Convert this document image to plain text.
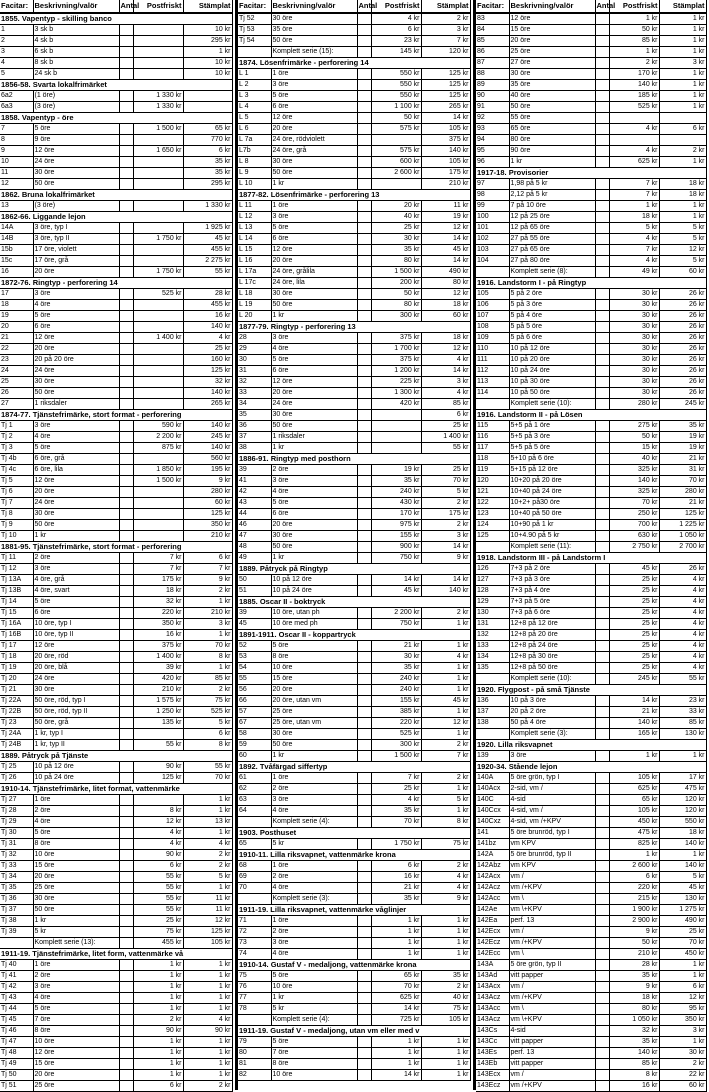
Facitar:	Beskrivning/valör	Antal	Postfriskt	Stämplat
1855. Vapentyp - skilling banco				
1	3 sk b			10 kr
2	4 sk b			295 kr
3	6 sk b			1 kr
4	8 sk b			10 kr
5	24 sk b			10 kr
1856-58. Svarta lokalfrimärket				
6a2	(1 öre)		1 330 kr	
6a3	(3 öre)		1 330 kr	
1858. Vapentyp - öre				
7	5 öre		1 500 kr	65 kr
8	9 öre			770 kr
9	12 öre		1 650 kr	6 kr
10	24 öre			35 kr
11	30 öre			35 kr
12	50 öre			295 kr
1862. Bruna lokalfrimärket				
13	(3 öre)			1 330 kr
1862-66. Liggande lejon				
14A	3 öre, typ I			1 925 kr
14B	3 öre, typ II		1 750 kr	45 kr
15b	17 öre, violett			455 kr
15c	17 öre, grå			2 275 kr
16	20 öre		1 750 kr	55 kr
1872-76. Ringtyp - perforering 14				
17	3 öre		525 kr	28 kr
18	4 öre			455 kr
19	5 öre			16 kr
20	6 öre			140 kr
21	12 öre		1 400 kr	4 kr
22	20 öre			25 kr
23	20 på 20 öre			160 kr
24	24 öre			125 kr
25	30 öre			32 kr
26	50 öre			140 kr
27	1 riksdaler			265 kr
1874-77. Tjänstefrimärke, stort format - perforering				
Tj 1	3 öre		590 kr	140 kr
Tj 2	4 öre		2 200 kr	245 kr
Tj 3	5 öre		875 kr	140 kr
Tj 4b	6 öre, grå			560 kr
Tj 4c	6 öre, lila		1 850 kr	195 kr
Tj 5	12 öre		1 500 kr	9 kr
Tj 6	20 öre			280 kr
Tj 7	24 öre			60 kr
Tj 8	30 öre			125 kr
Tj 9	50 öre			350 kr
Tj 10	1 kr			210 kr
1881-95. Tjänstefrimärke, stort format - perforering				
Tj 11	2 öre		7 kr	6 kr
Tj 12	3 öre		7 kr	7 kr
Tj 13A	4 öre, grå		175 kr	9 kr
Tj 13B	4 öre, svart		18 kr	2 kr
Tj 14	5 öre		32 kr	1 kr
Tj 15	6 öre		220 kr	210 kr
Tj 16A	10 öre, typ I		350 kr	3 kr
Tj 16B	10 öre, typ II		16 kr	1 kr
Tj 17	12 öre		375 kr	70 kr
Tj 18	20 öre, röd		1 400 kr	8 kr
Tj 19	20 öre, blå		39 kr	1 kr
Tj 20	24 öre		420 kr	85 kr
Tj 21	30 öre		210 kr	2 kr
Tj 22A	50 öre, röd, typ I		1 575 kr	75 kr
Tj 22B	50 öre, röd, typ II		1 250 kr	525 kr
Tj 23	50 öre, grå		135 kr	5 kr
Tj 24A	1 kr, typ I			6 kr
Tj 24B	1 kr, typ II		55 kr	8 kr
1889. Påtryck på Tjänste				
Tj 25	10 på 12 öre		90 kr	55 kr
Tj 26	10 på 24 öre		125 kr	70 kr
1910-14. Tjänstefrimärke, litet format, vattenmärke				
Tj 27	1 öre			1 kr
Tj 28	2 öre		8 kr	1 kr
Tj 29	4 öre		12 kr	13 kr
Tj 30	5 öre		4 kr	1 kr
Tj 31	8 öre		4 kr	4 kr
Tj 32	10 öre		90 kr	2 kr
Tj 33	15 öre		6 kr	2 kr
Tj 34	20 öre		55 kr	5 kr
Tj 35	25 öre		55 kr	1 kr
Tj 36	30 öre		55 kr	11 kr
Tj 37	50 öre		55 kr	11 kr
Tj 38	1 kr		25 kr	12 kr
Tj 39	5 kr		75 kr	125 kr
	Komplett serie (13):		455 kr	105 kr
1911-19. Tjänstefrimärke, litet form, vattenmärke vå				
Tj 40	1 öre		1 kr	1 kr
Tj 41	2 öre		1 kr	1 kr
Tj 42	3 öre		1 kr	1 kr
Tj 43	4 öre		1 kr	1 kr
Tj 44	5 öre		1 kr	1 kr
Tj 45	7 öre		2 kr	4 kr
Tj 46	8 öre		90 kr	90 kr
Tj 47	10 öre		1 kr	1 kr
Tj 48	12 öre		1 kr	1 kr
Tj 49	15 öre		1 kr	1 kr
Tj 50	20 öre		1 kr	1 kr
Tj 51	25 öre		6 kr	2 kr
Facitar:	Beskrivning/valör	Antal	Postfriskt	Stämplat
Tj 52	30 öre		4 kr	2 kr
Tj 53	35 öre		6 kr	3 kr
Tj 54	50 öre		23 kr	7 kr
	Komplett serie (15):		145 kr	120 kr
1874. Lösenfrimärke - perforering 14				
L 1	1 öre		550 kr	125 kr
L 2	3 öre		550 kr	125 kr
L 3	5 öre		550 kr	125 kr
L 4	6 öre		1 100 kr	265 kr
L 5	12 öre		50 kr	14 kr
L 6	20 öre		575 kr	105 kr
L 7a	24 öre, rödviolett			375 kr
L7b	24 öre, grå		575 kr	140 kr
L 8	30 öre		600 kr	105 kr
L 9	50 öre		2 600 kr	175 kr
L 10	1 kr			210 kr
1877-82. Lösenfrimärke - perforering 13				
L 11	1 öre		20 kr	11 kr
L 12	3 öre		40 kr	19 kr
L 13	5 öre		25 kr	12 kr
L 14	6 öre		30 kr	14 kr
L 15	12 öre		35 kr	45 kr
L 16	20 öre		80 kr	14 kr
L 17a	24 öre, grålila		1 500 kr	490 kr
L 17c	24 öre, lila		200 kr	80 kr
L 18	30 öre		50 kr	12 kr
L 19	50 öre		80 kr	18 kr
L 20	1 kr		300 kr	60 kr
1877-79. Ringtyp - perforering 13				
28	3 öre		375 kr	18 kr
29	4 öre		1 700 kr	12 kr
30	5 öre		375 kr	4 kr
31	6 öre		1 200 kr	14 kr
32	12 öre		225 kr	3 kr
33	20 öre		1 300 kr	4 kr
34	24 öre		420 kr	85 kr
35	30 öre			6 kr
36	50 öre			25 kr
37	1 riksdaler			1 400 kr
38	1 kr			55 kr
1886-91. Ringtyp med posthorn				
39	2 öre		19 kr	25 kr
41	3 öre		35 kr	70 kr
42	4 öre		240 kr	5 kr
43	5 öre		430 kr	2 kr
44	6 öre		170 kr	175 kr
46	20 öre		975 kr	2 kr
47	30 öre		155 kr	3 kr
48	50 öre		900 kr	14 kr
49	1 kr		750 kr	9 kr
1889. Påtryck på Ringtyp				
50	10 på 12 öre		14 kr	14 kr
51	10 på 24 öre		45 kr	140 kr
1885. Oscar II - boktryck				
39	10 öre, utan ph		2 200 kr	2 kr
45	10 öre med ph		750 kr	1 kr
1891-1911. Oscar II - koppartryck				
52	5 öre		21 kr	1 kr
53	8 öre		30 kr	4 kr
54	10 öre		35 kr	1 kr
55	15 öre		240 kr	1 kr
56	20 öre		240 kr	1 kr
66	20 öre, utan vm		155 kr	45 kr
57	25 öre		385 kr	1 kr
67	25 öre, utan vm		220 kr	12 kr
58	30 öre		525 kr	1 kr
59	50 öre		300 kr	2 kr
60	1 kr		1 500 kr	7 kr
1892. Tvåfärgad siffertyp				
61	1 öre		7 kr	2 kr
62	2 öre		25 kr	1 kr
63	3 öre		4 kr	5 kr
64	4 öre		35 kr	1 kr
	Komplett serie (4):		70 kr	8 kr
1903. Posthuset				
65	5 kr		1 750 kr	75 kr
1910-11. Lilla riksvapnet, vattenmärke krona				
68	1 öre		6 kr	2 kr
69	2 öre		16 kr	4 kr
70	4 öre		21 kr	4 kr
	Komplett serie (3):		35 kr	9 kr
1911-19. Lilla riksvapnet, vattenmärke våglinjer				
71	1 öre		1 kr	1 kr
72	2 öre		1 kr	1 kr
73	3 öre		1 kr	1 kr
74	4 öre		1 kr	1 kr
1910-14. Gustaf V - medaljong, vattenmärke krona				
75	5 öre		65 kr	35 kr
76	10 öre		70 kr	2 kr
77	1 kr		625 kr	40 kr
78	5 kr		14 kr	75 kr
	Komplett serie (4):		725 kr	105 kr
1911-19. Gustaf V - medaljong, utan vm eller med v				
79	5 öre		1 kr	1 kr
80	7 öre		1 kr	1 kr
81	8 öre		1 kr	1 kr
82	10 öre		14 kr	1 kr
Facitar:	Beskrivning/valör	Antal	Postfriskt	Stämplat
83	12 öre		1 kr	1 kr
84	15 öre		50 kr	1 kr
85	20 öre		85 kr	1 kr
86	25 öre		1 kr	1 kr
87	27 öre		2 kr	3 kr
88	30 öre		170 kr	1 kr
89	35 öre		140 kr	1 kr
90	40 öre		185 kr	1 kr
91	50 öre		525 kr	1 kr
92	55 öre			
93	65 öre		4 kr	6 kr
94	80 öre			
95	90 öre		4 kr	2 kr
96	1 kr		625 kr	1 kr
1917-18. Provisorier				
97	1,98 på 5 kr		7 kr	18 kr
98	2,12 på 5 kr		7 kr	18 kr
99	7 på 10 öre		1 kr	1 kr
100	12 på 25 öre		18 kr	1 kr
101	12 på 65 öre		5 kr	5 kr
102	27 på 55 öre		4 kr	5 kr
103	27 på 65 öre		7 kr	12 kr
104	27 på 80 öre		4 kr	5 kr
	Komplett serie (8):		49 kr	60 kr
1916. Landstorm I - på Ringtyp				
105	5 på 2 öre		30 kr	26 kr
106	5 på 3 öre		30 kr	26 kr
107	5 på 4 öre		30 kr	26 kr
108	5 på 5 öre		30 kr	26 kr
109	5 på 6 öre		30 kr	26 kr
110	10 på 12 öre		30 kr	26 kr
111	10 på 20 öre		30 kr	26 kr
112	10 på 24 öre		30 kr	26 kr
113	10 på 30 öre		30 kr	26 kr
114	10 på 50 öre		30 kr	26 kr
	Komplett serie (10):		280 kr	245 kr
1916. Landstorm II - på Lösen				
115	5+5 på 1 öre		275 kr	35 kr
116	5+5 på 3 öre		50 kr	19 kr
117	5+5 på 5 öre		15 kr	19 kr
118	5+10 på 6 öre		40 kr	21 kr
119	5+15 på 12 öre		325 kr	31 kr
120	10+20 på 20 öre		140 kr	70 kr
121	10+40 på 24 öre		325 kr	280 kr
122	10+2+ på30 öre		70 kr	21 kr
123	10+40 på 50 öre		250 kr	125 kr
124	10+90 på 1 kr		700 kr	1 225 kr
125	10+4.90 på 5 kr		630 kr	1 050 kr
	Komplett serie (11):		2 750 kr	2 700 kr
1918. Landstorm III - på Landstorm I				
126	7+3 på 2 öre		45 kr	26 kr
127	7+3 på 3 öre		25 kr	4 kr
128	7+3 på 4 öre		25 kr	4 kr
129	7+3 på 5 öre		25 kr	4 kr
130	7+3 på 6 öre		25 kr	4 kr
131	12+8 på 12 öre		25 kr	4 kr
132	12+8 på 20 öre		25 kr	4 kr
133	12+8 på 24 öre		25 kr	4 kr
134	12+8 på 30 öre		25 kr	4 kr
135	12+8 på 50 öre		25 kr	4 kr
	Komplett serie (10):		245 kr	55 kr
1920. Flygpost - på små Tjänste				
136	10 på 3 öre		14 kr	23 kr
137	20 på 2 öre		21 kr	33 kr
138	50 på 4 öre		140 kr	85 kr
	Komplett serie (3):		165 kr	130 kr
1920. Lilla riksvapnet				
139	3 öre		1 kr	1 kr
1920-34. Stående lejon				
140A	5 öre grön, typ I		105 kr	17 kr
140Acx	2-sid, vm /		625 kr	475 kr
140C	4-sid		65 kr	120 kr
140Ccx	4-sid, vm /		105 kr	120 kr
140Cxz	4-sid, vm /+KPV		450 kr	550 kr
141	5 öre brunröd, typ I		475 kr	18 kr
141bz	vm KPV		825 kr	140 kr
142A	5 öre brunröd, typ II		1 kr	1 kr
142Abz	vm KPV		2 600 kr	140 kr
142Acx	vm /		6 kr	5 kr
142Acz	vm /+KPV		220 kr	45 kr
142Acc	vm \		215 kr	130 kr
142Ae	vm \+KPV		1 900 kr	1 275 kr
142Ea	perf. 13		2 900 kr	490 kr
142Ecx	vm /		9 kr	25 kr
142Ecz	vm /+KPV		50 kr	70 kr
142Ecc	vm \		210 kr	450 kr
143A	5 öre grön, typ II		28 kr	1 kr
143Ad	vitt papper		35 kr	1 kr
143Acx	vm /		9 kr	6 kr
143Acz	vm /+KPV		18 kr	12 kr
143Acc	vm \		80 kr	95 kr
143Acz	vm \+KPV		1 050 kr	350 kr
143Cs	4-sid		32 kr	3 kr
143Cc	vitt papper		35 kr	1 kr
143Es	perf. 13		140 kr	30 kr
143Eb	vitt papper		85 kr	2 kr
143Ecx	vm /		8 kr	22 kr
143Ecz	vm /+KPV		16 kr	60 kr
